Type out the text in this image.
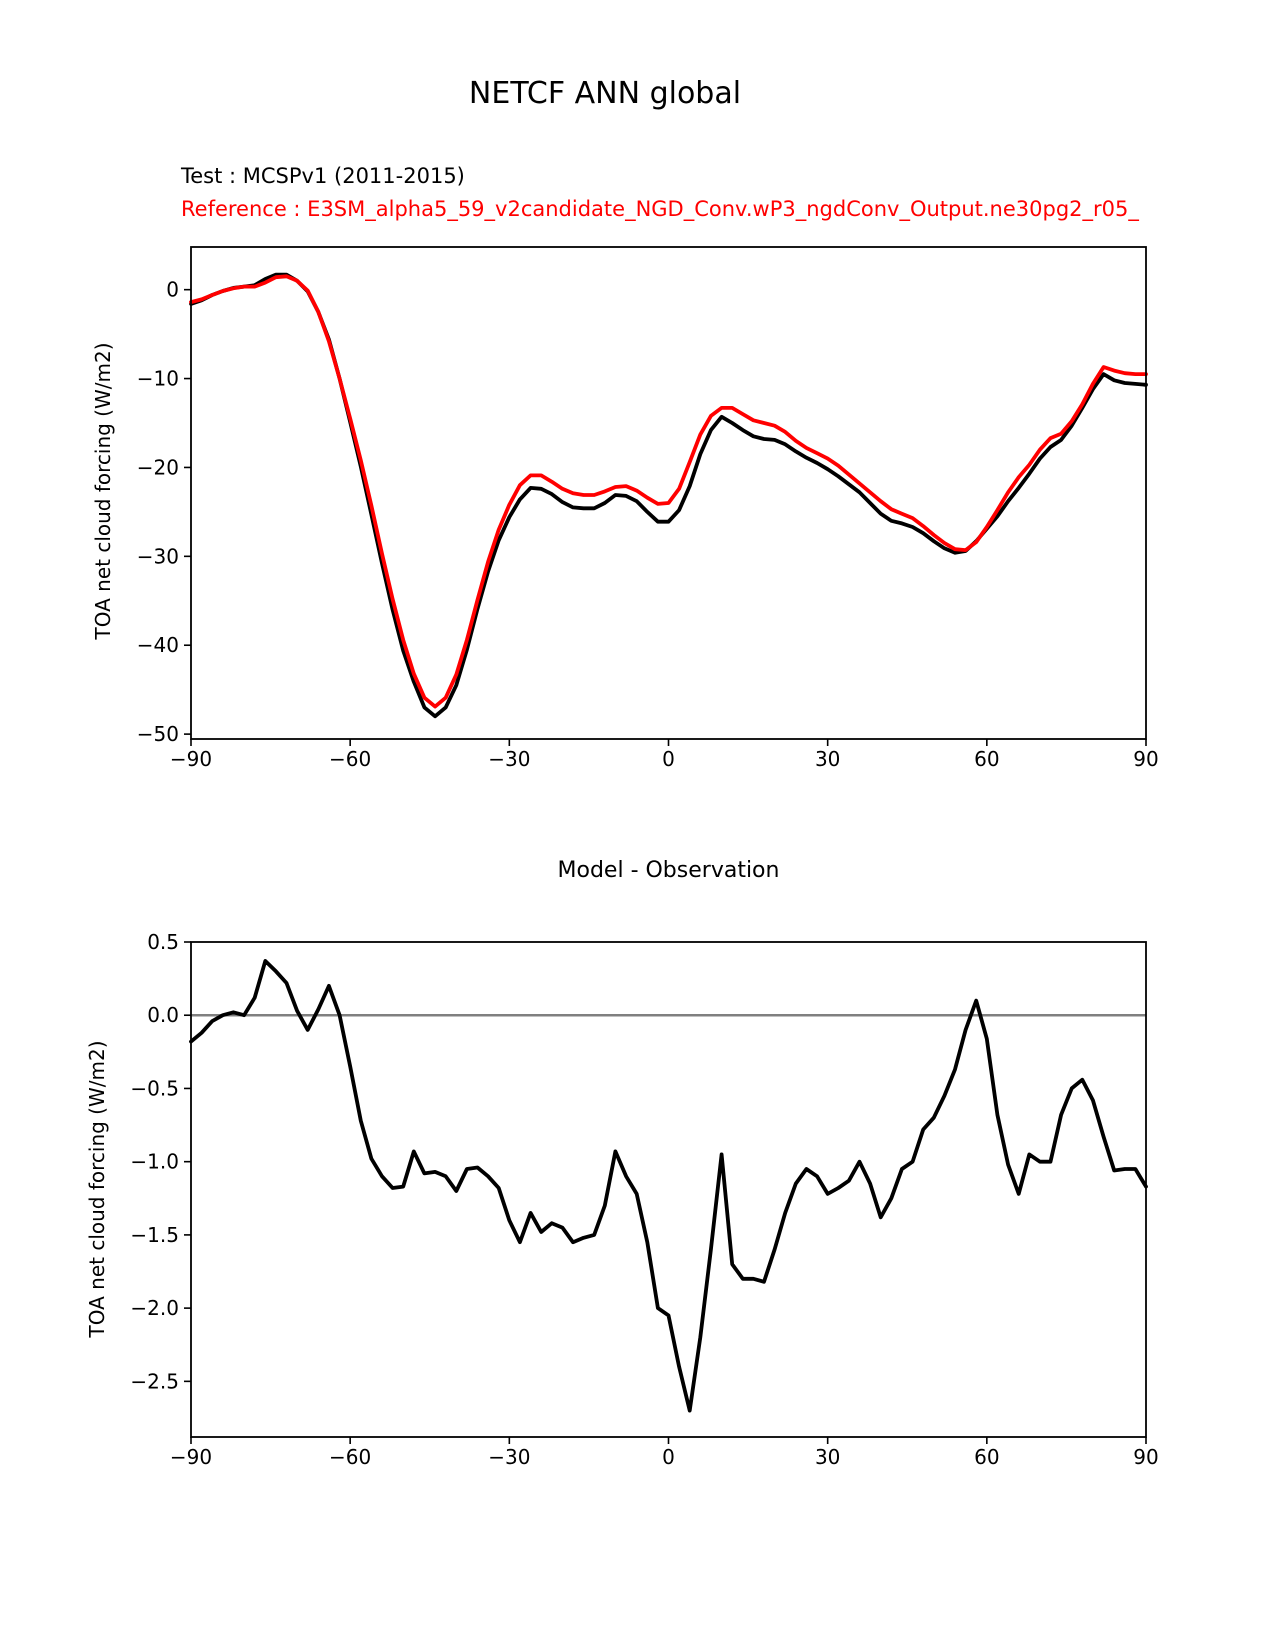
NETCF ANN global
Test : MCSPv1 (2011-2015)
Reference : E3SM_alpha5_59_v2candidate_NGD_Conv.wP3_ngdConv_Output.ne30pg2_r05_
TOA net cloud forcing (W/m2)
Model - Observation
TOA net cloud forcing (W/m2)
−90	−60	−30	0	30	60	90
0
−10
−20
−30
−40
−50
−90	−60	−30	0	30	60	90
0.5
0.0
−0.5
−1.0
−1.5
−2.0
−2.5
